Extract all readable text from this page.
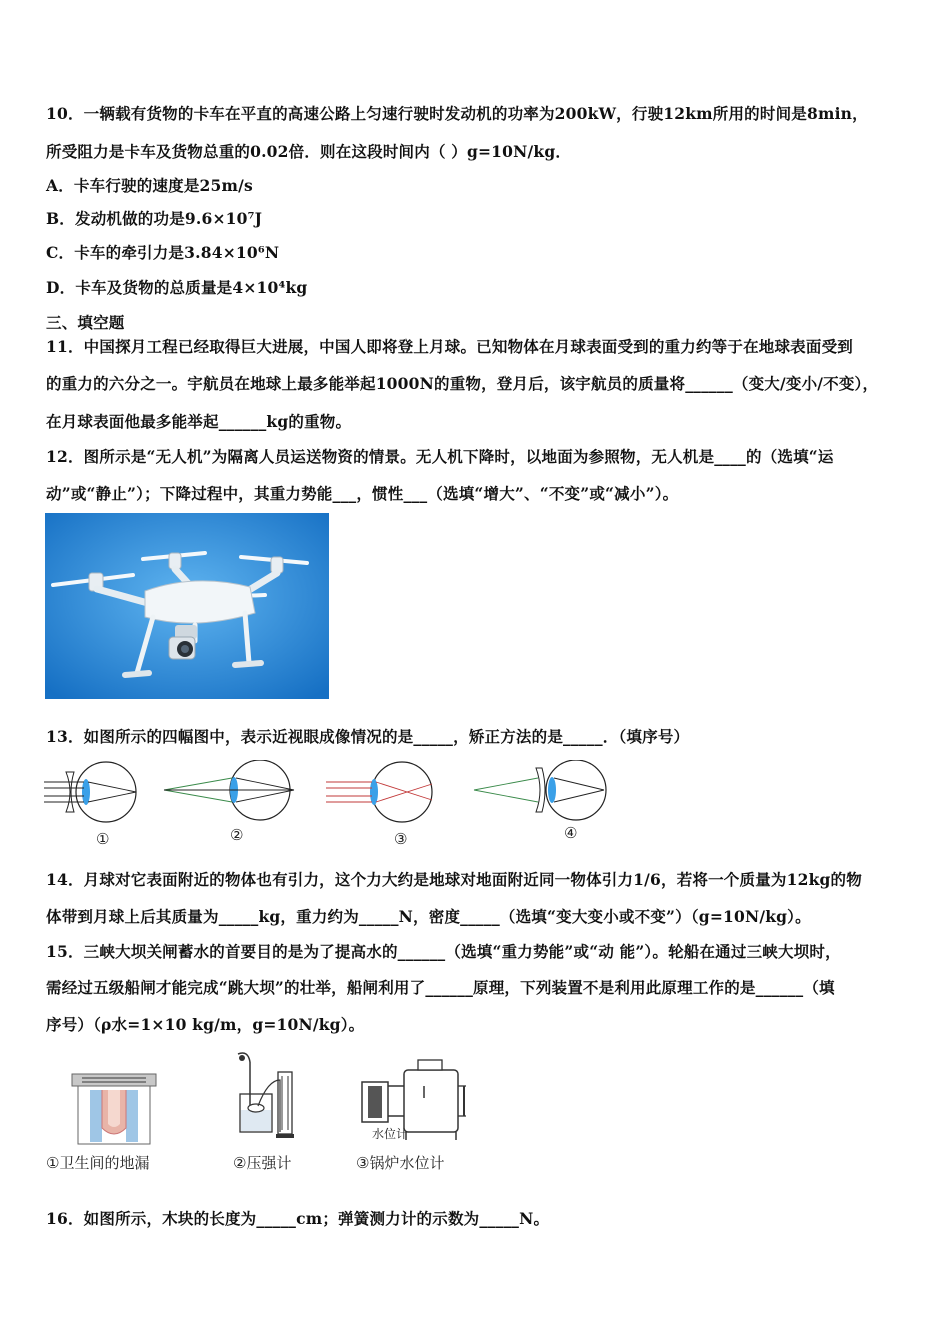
10．一辆载有货物的卡车在平直的高速公路上匀速行驶时发动机的功率为200kW，行驶12km所用的时间是8min，
所受阻力是卡车及货物总重的0.02倍．则在这段时间内（ ）g=10N/kg．
A．卡车行驶的速度是25m/s
B．发动机做的功是9.6×10⁷J
C．卡车的牵引力是3.84×10⁶N
D．卡车及货物的总质量是4×10⁴kg
三、填空题
11．中国探月工程已经取得巨大进展，中国人即将登上月球。已知物体在月球表面受到的重力约等于在地球表面受到
的重力的六分之一。宇航员在地球上最多能举起1000N的重物，登月后，该宇航员的质量将______（变大/变小/不变），
在月球表面他最多能举起______kg的重物。
12．图所示是“无人机”为隔离人员运送物资的情景。无人机下降时，以地面为参照物，无人机是____的（选填“运
动”或“静止”）；下降过程中，其重力势能___，惯性___（选填“增大”、“不变”或“减小”）。
13．如图所示的四幅图中，表示近视眼成像情况的是_____，矫正方法的是_____．（填序号）
①	②	③	④
14．月球对它表面附近的物体也有引力，这个力大约是地球对地面附近同一物体引力1/6，若将一个质量为12kg的物
体带到月球上后其质量为_____kg，重力约为_____N，密度_____（选填“变大变小或不变”）（g=10N/kg）。
15．三峡大坝关闸蓄水的首要目的是为了提高水的______（选填“重力势能”或“动 能”）。轮船在通过三峡大坝时，
需经过五级船闸才能完成“跳大坝”的壮举，船闸利用了______原理，下列装置不是利用此原理工作的是______（填
序号）（ρ水=1×10 kg/m，g=10N/kg）。
①卫生间的地漏	②压强计
水位计
③锅炉水位计
16．如图所示，木块的长度为_____cm；弹簧测力计的示数为_____N。
